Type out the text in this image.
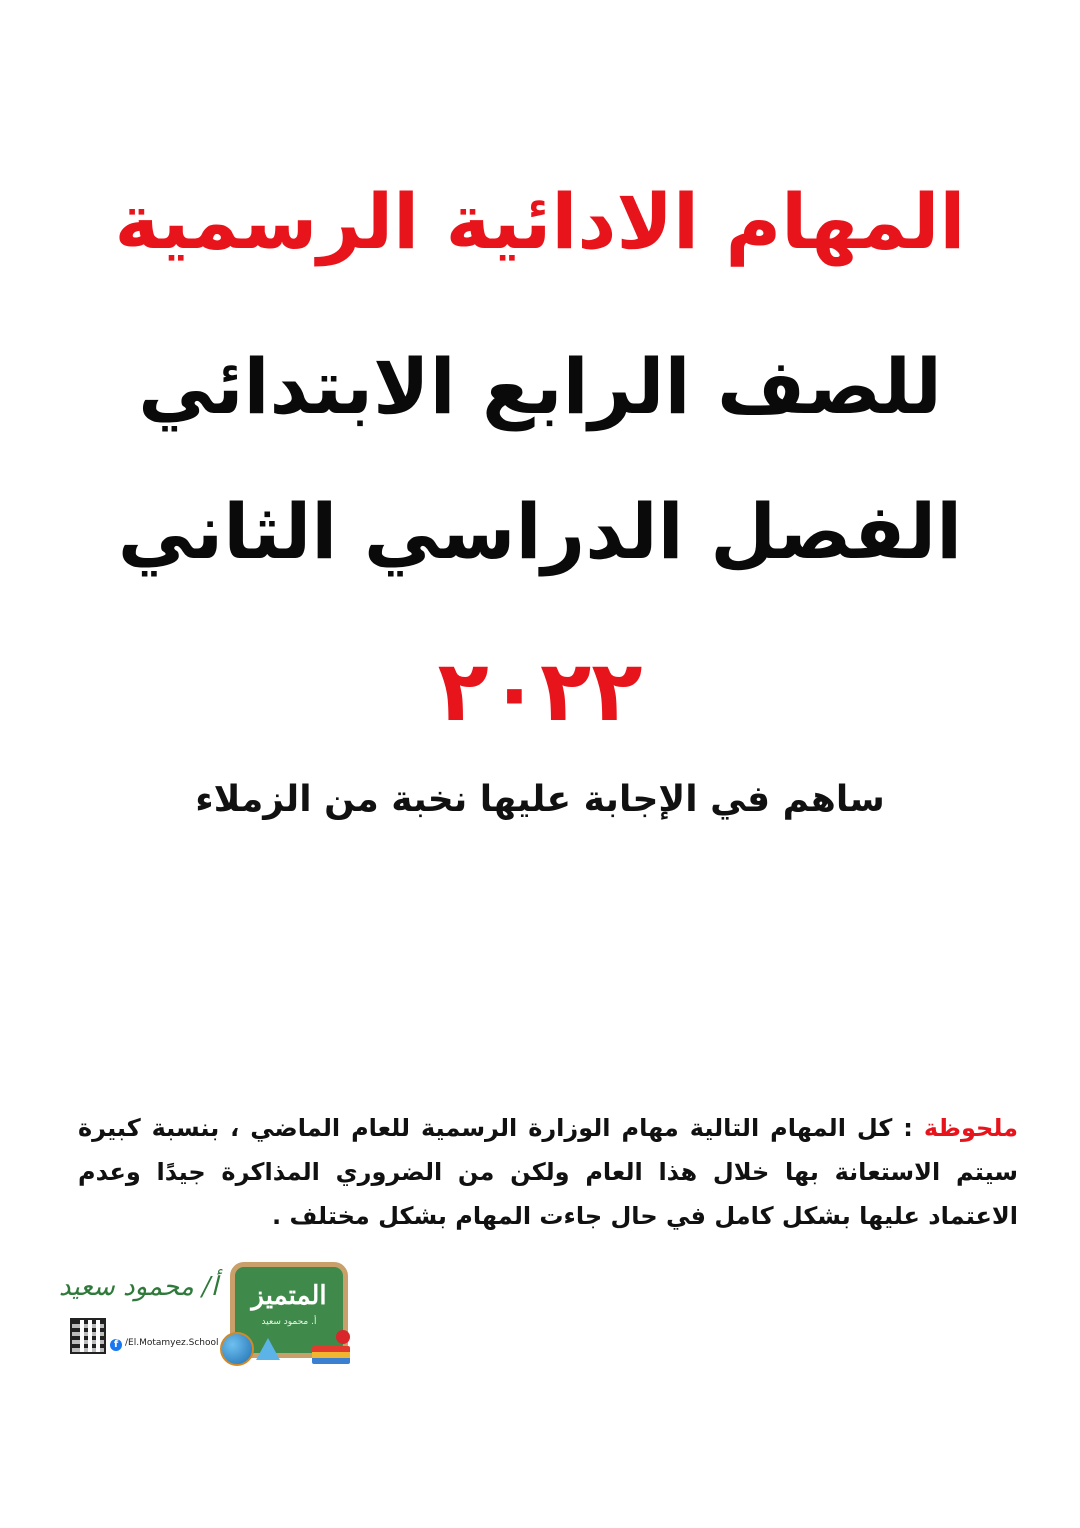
المهام الادائية الرسمية
للصف الرابع الابتدائي
الفصل الدراسي الثاني
٢٠٢٢
ساهم في الإجابة عليها نخبة من الزملاء
ملحوظة : كل المهام التالية مهام الوزارة الرسمية للعام الماضي ، بنسبة كبيرة سيتم الاستعانة بها خلال هذا العام ولكن من الضروري المذاكرة جيدًا وعدم الاعتماد عليها بشكل كامل في حال جاءت المهام بشكل مختلف .
أ/ محمود سعيد
f /El.Motamyez.School
المتميز
أ. محمود سعيد
